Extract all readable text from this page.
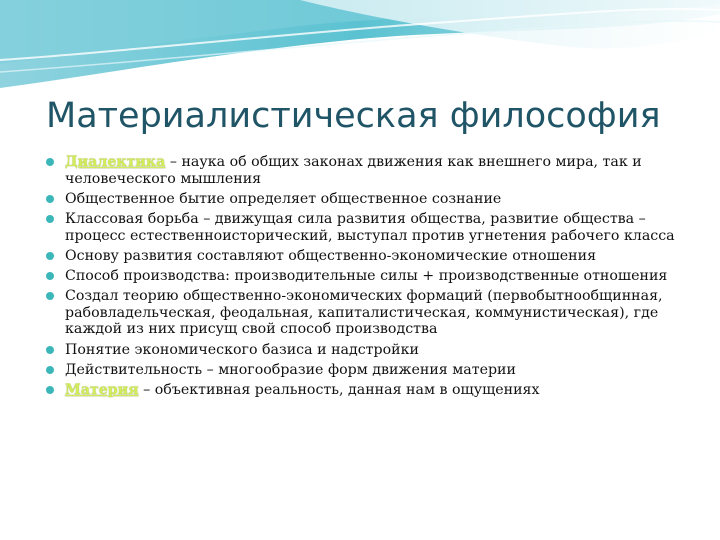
Материалистическая философия
Диалектика – наука об общих законах движения как внешнего мира, так и человеческого мышления
Общественное бытие определяет общественное сознание
Классовая борьба – движущая сила развития общества, развитие общества – процесс естественноисторический, выступал против угнетения рабочего класса
Основу развития составляют общественно-экономические отношения
Способ производства: производительные силы + производственные отношения
Создал теорию общественно-экономических формаций (первобытнообщинная, рабовладельческая, феодальная, капиталистическая, коммунистическая), где каждой из них присущ свой способ производства
Понятие экономического базиса и надстройки
Действительность – многообразие форм движения материи
Материя – объективная реальность, данная нам в ощущениях
